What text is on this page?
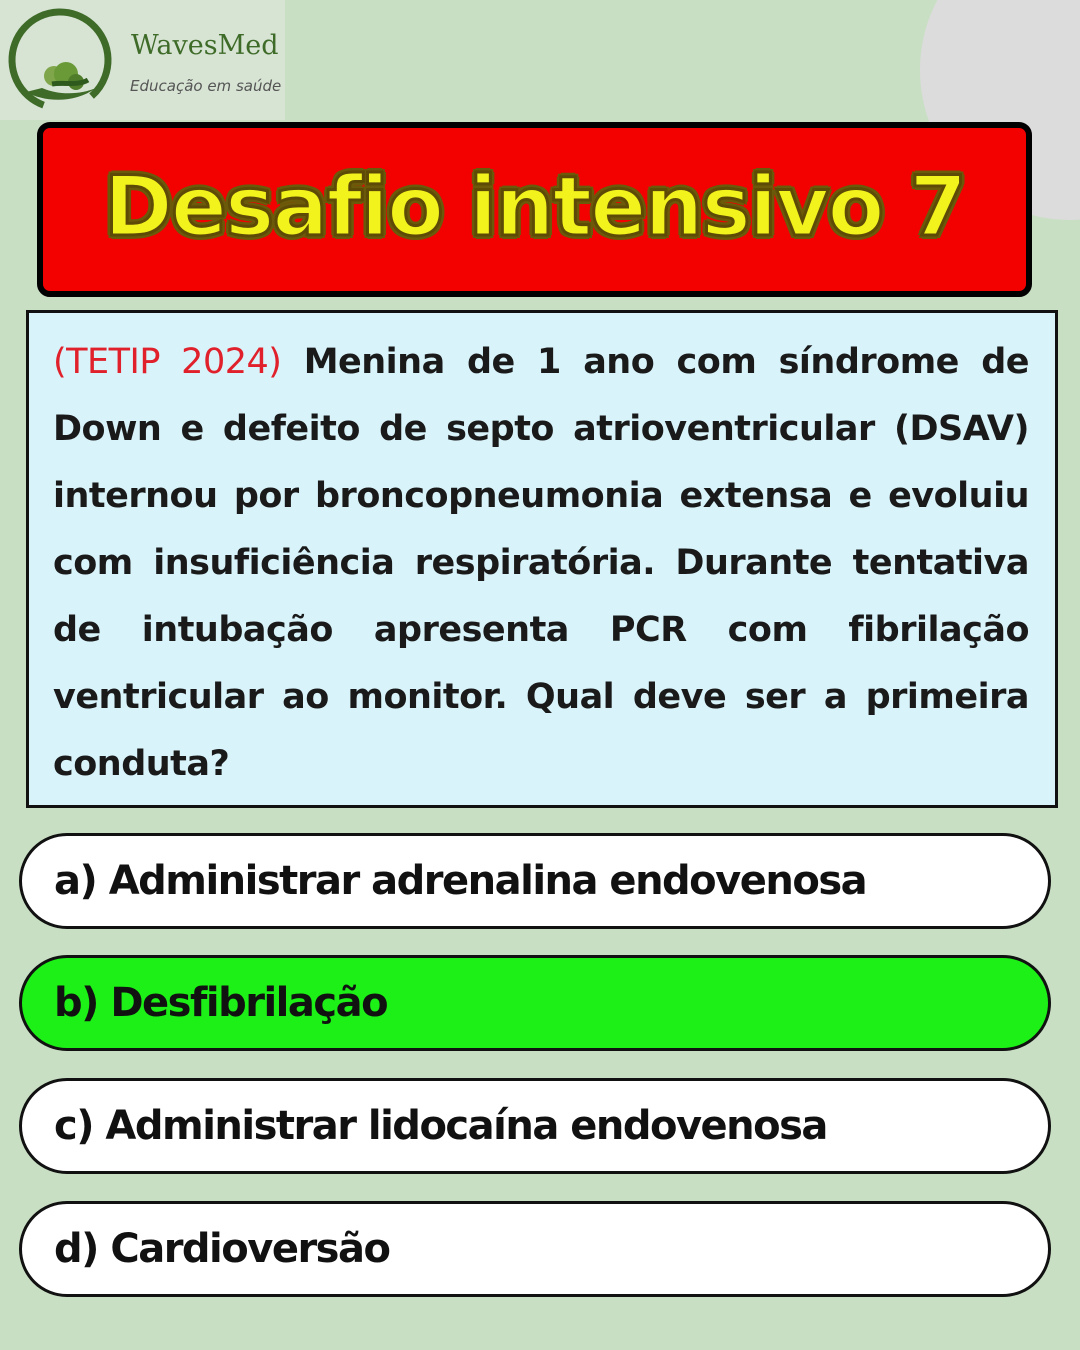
WavesMed
Educação em saúde
Desafio intensivo 7
(TETIP 2024) Menina de 1 ano com síndrome de Down e defeito de septo atrioventricular (DSAV) internou por broncopneumonia extensa e evoluiu com insuficiência respiratória. Durante tentativa de intubação apresenta PCR com fibrilação ventricular ao monitor. Qual deve ser a primeira conduta?
a) Administrar adrenalina endovenosa
b) Desfibrilação
c) Administrar lidocaína endovenosa
d) Cardioversão
